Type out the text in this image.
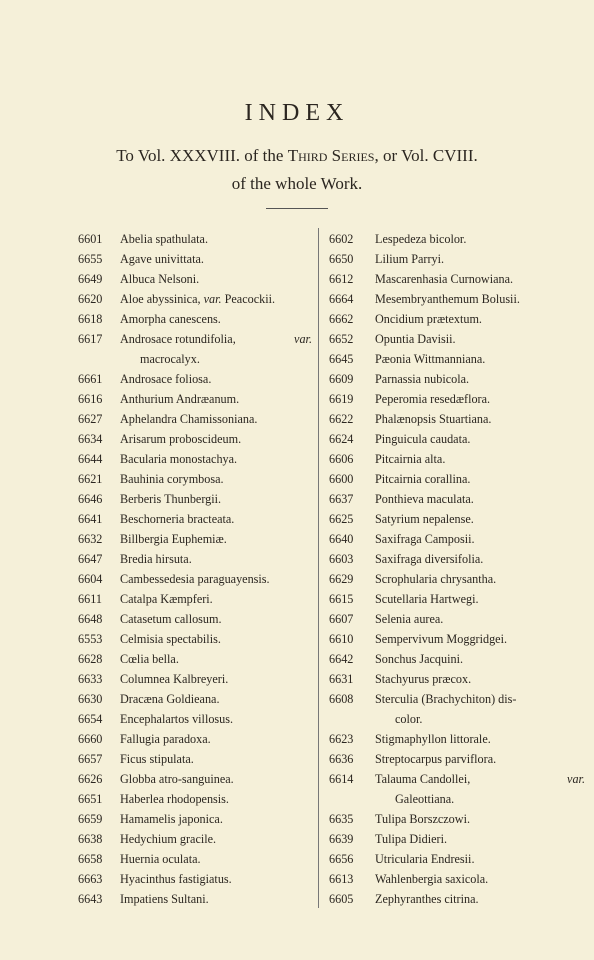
INDEX
To Vol. XXXVIII. of the Third Series, or Vol. CVIII.
of the whole Work.
6601	Abelia spathulata.
6655	Agave univittata.
6649	Albuca Nelsoni.
6620	Aloe abyssinica, var. Peacockii.
6618	Amorpha canescens.
6617	Androsace rotundifolia,	var.
macrocalyx.
6661	Androsace foliosa.
6616	Anthurium Andræanum.
6627	Aphelandra Chamissoniana.
6634	Arisarum proboscideum.
6644	Bacularia monostachya.
6621	Bauhinia corymbosa.
6646	Berberis Thunbergii.
6641	Beschorneria bracteata.
6632	Billbergia Euphemiæ.
6647	Bredia hirsuta.
6604	Cambessedesia paraguayensis.
6611	Catalpa Kæmpferi.
6648	Catasetum callosum.
6553	Celmisia spectabilis.
6628	Cœlia bella.
6633	Columnea Kalbreyeri.
6630	Dracæna Goldieana.
6654	Encephalartos villosus.
6660	Fallugia paradoxa.
6657	Ficus stipulata.
6626	Globba atro-sanguinea.
6651	Haberlea rhodopensis.
6659	Hamamelis japonica.
6638	Hedychium gracile.
6658	Huernia oculata.
6663	Hyacinthus fastigiatus.
6643	Impatiens Sultani.
6602	Lespedeza bicolor.
6650	Lilium Parryi.
6612	Mascarenhasia Curnowiana.
6664	Mesembryanthemum Bolusii.
6662	Oncidium prætextum.
6652	Opuntia Davisii.
6645	Pæonia Wittmanniana.
6609	Parnassia nubicola.
6619	Peperomia resedæflora.
6622	Phalænopsis Stuartiana.
6624	Pinguicula caudata.
6606	Pitcairnia alta.
6600	Pitcairnia corallina.
6637	Ponthieva maculata.
6625	Satyrium nepalense.
6640	Saxifraga Camposii.
6603	Saxifraga diversifolia.
6629	Scrophularia chrysantha.
6615	Scutellaria Hartwegi.
6607	Selenia aurea.
6610	Sempervivum Moggridgei.
6642	Sonchus Jacquini.
6631	Stachyurus præcox.
6608	Sterculia (Brachychiton) dis-
color.
6623	Stigmaphyllon littorale.
6636	Streptocarpus parviflora.
6614	Talauma Candollei,	var.
Galeottiana.
6635	Tulipa Borszczowi.
6639	Tulipa Didieri.
6656	Utricularia Endresii.
6613	Wahlenbergia saxicola.
6605	Zephyranthes citrina.
